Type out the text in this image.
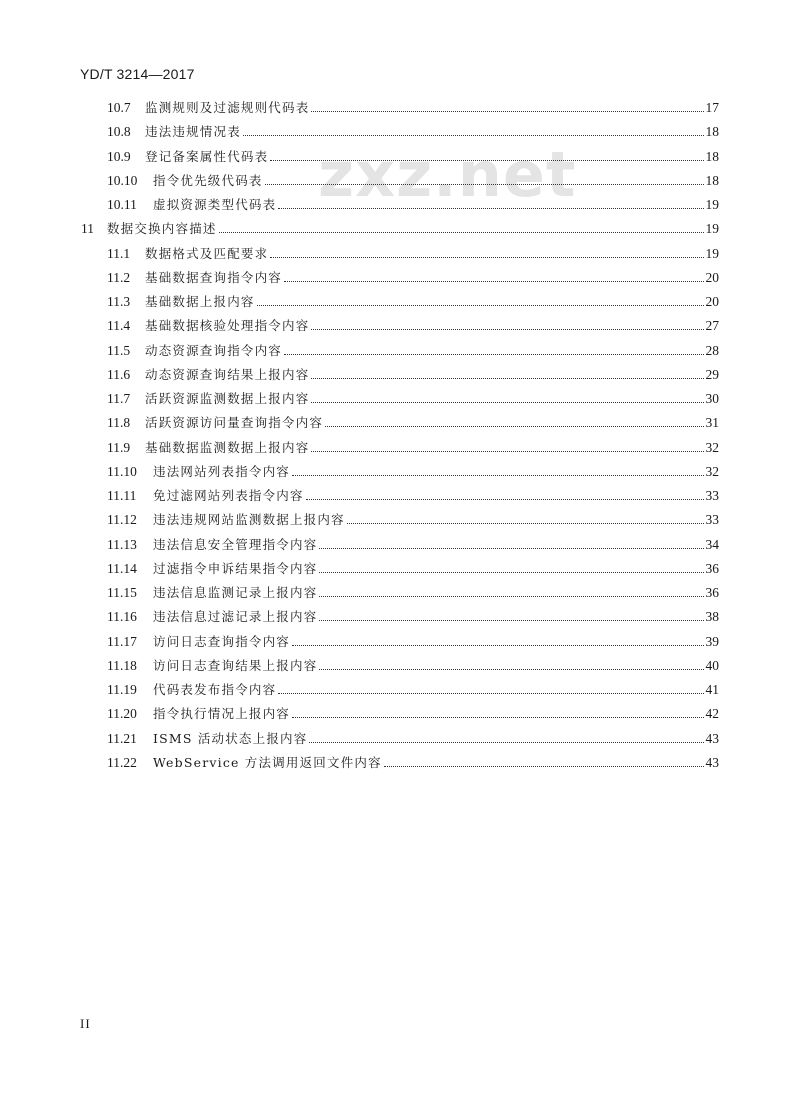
YD/T 3214—2017
zxz.net
10.7	监测规则及过滤规则代码表	17
10.8	违法违规情况表	18
10.9	登记备案属性代码表	18
10.10	指令优先级代码表	18
10.11	虚拟资源类型代码表	19
11	数据交换内容描述	19
11.1	数据格式及匹配要求	19
11.2	基础数据查询指令内容	20
11.3	基础数据上报内容	20
11.4	基础数据核验处理指令内容	27
11.5	动态资源查询指令内容	28
11.6	动态资源查询结果上报内容	29
11.7	活跃资源监测数据上报内容	30
11.8	活跃资源访问量查询指令内容	31
11.9	基础数据监测数据上报内容	32
11.10	违法网站列表指令内容	32
11.11	免过滤网站列表指令内容	33
11.12	违法违规网站监测数据上报内容	33
11.13	违法信息安全管理指令内容	34
11.14	过滤指令申诉结果指令内容	36
11.15	违法信息监测记录上报内容	36
11.16	违法信息过滤记录上报内容	38
11.17	访问日志查询指令内容	39
11.18	访问日志查询结果上报内容	40
11.19	代码表发布指令内容	41
11.20	指令执行情况上报内容	42
11.21	ISMS 活动状态上报内容	43
11.22	WebService 方法调用返回文件内容	43
II
